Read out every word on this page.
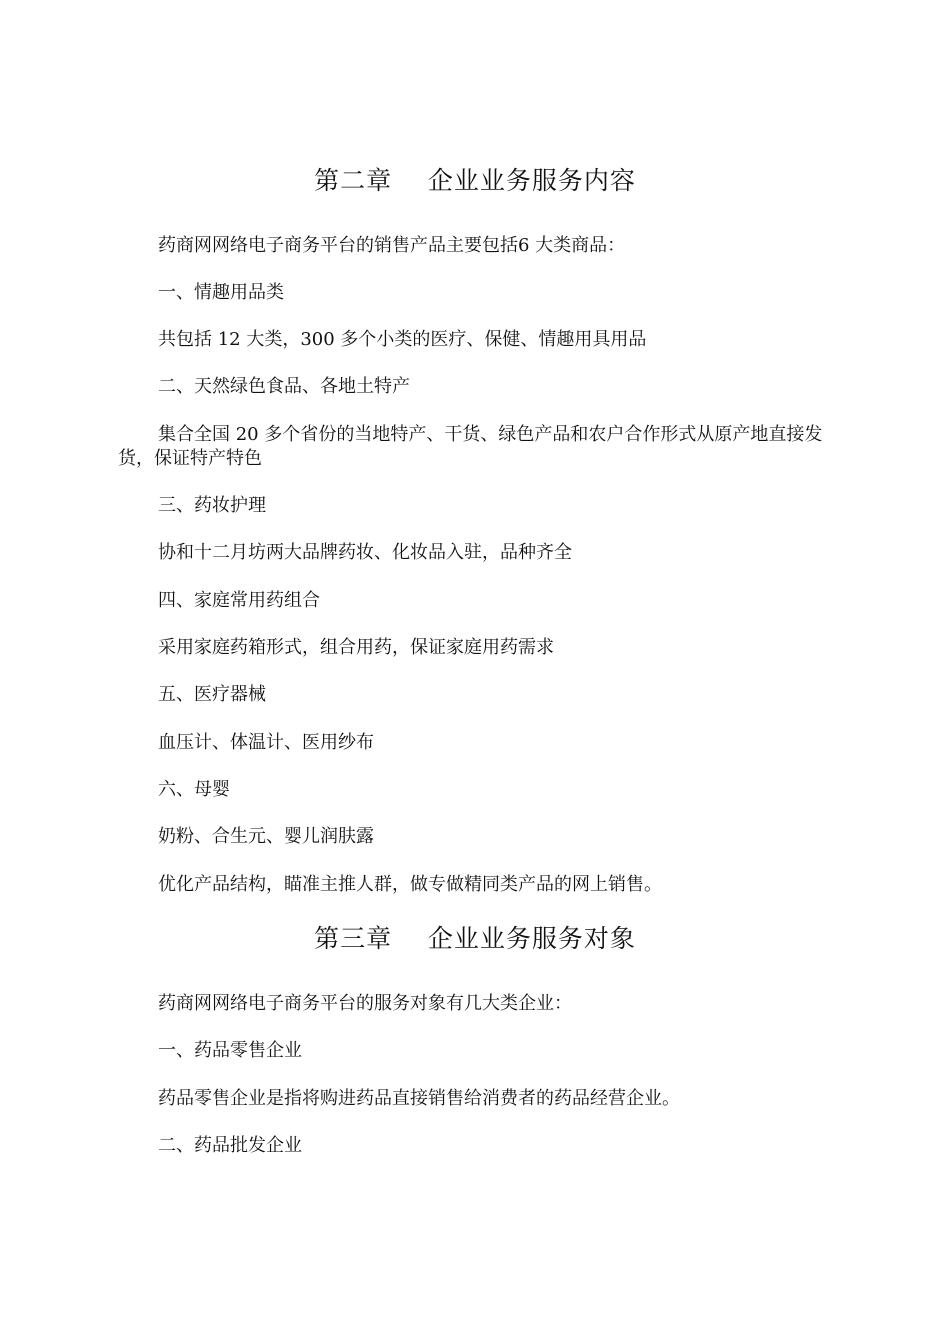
第二章    企业业务服务内容

药商网网络电子商务平台的销售产品主要包括6 大类商品：

一、情趣用品类

共包括 12 大类，300 多个小类的医疗、保健、情趣用具用品

二、天然绿色食品、各地土特产

集合全国 20 多个省份的当地特产、干货、绿色产品和农户合作形式从原产地直接发货，保证特产特色

三、药妆护理

协和十二月坊两大品牌药妆、化妆品入驻，品种齐全

四、家庭常用药组合

采用家庭药箱形式，组合用药，保证家庭用药需求

五、医疗器械

血压计、体温计、医用纱布

六、母婴

奶粉、合生元、婴儿润肤露

优化产品结构，瞄准主推人群，做专做精同类产品的网上销售。

第三章    企业业务服务对象

药商网网络电子商务平台的服务对象有几大类企业：

一、药品零售企业

药品零售企业是指将购进药品直接销售给消费者的药品经营企业。

二、药品批发企业
